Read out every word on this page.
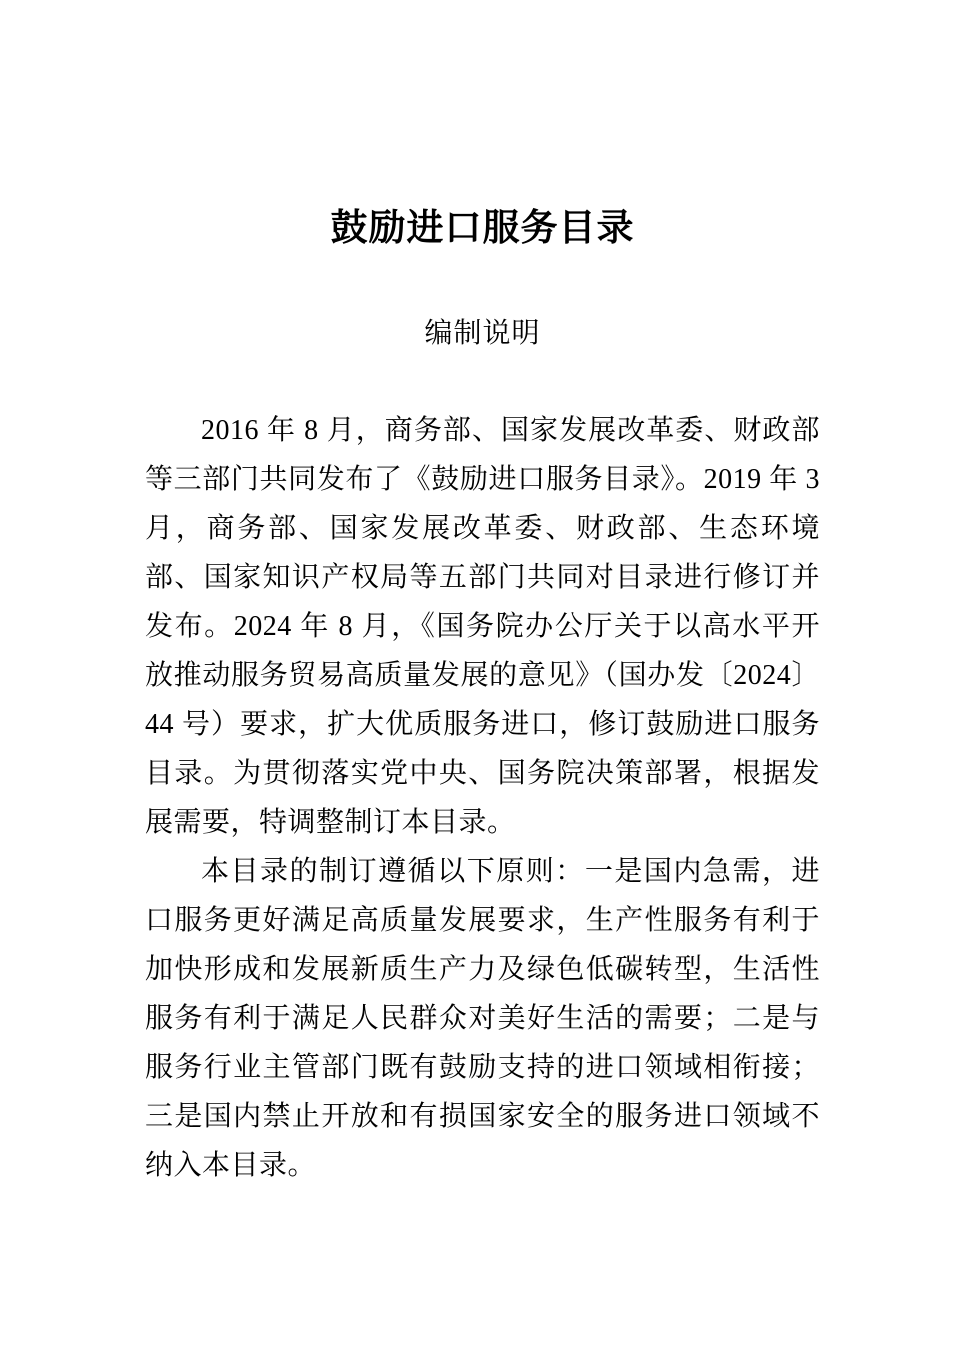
鼓励进口服务目录
编制说明

2016 年 8 月，商务部、国家发展改革委、财政部等三部门共同发布了《鼓励进口服务目录》。2019 年 3 月，商务部、国家发展改革委、财政部、生态环境部、国家知识产权局等五部门共同对目录进行修订并发布。2024 年 8 月，《国务院办公厅关于以高水平开放推动服务贸易高质量发展的意见》（国办发〔2024〕44 号）要求，扩大优质服务进口，修订鼓励进口服务目录。为贯彻落实党中央、国务院决策部署，根据发展需要，特调整制订本目录。

本目录的制订遵循以下原则：一是国内急需，进口服务更好满足高质量发展要求，生产性服务有利于加快形成和发展新质生产力及绿色低碳转型，生活性服务有利于满足人民群众对美好生活的需要；二是与服务行业主管部门既有鼓励支持的进口领域相衔接；三是国内禁止开放和有损国家安全的服务进口领域不纳入本目录。
